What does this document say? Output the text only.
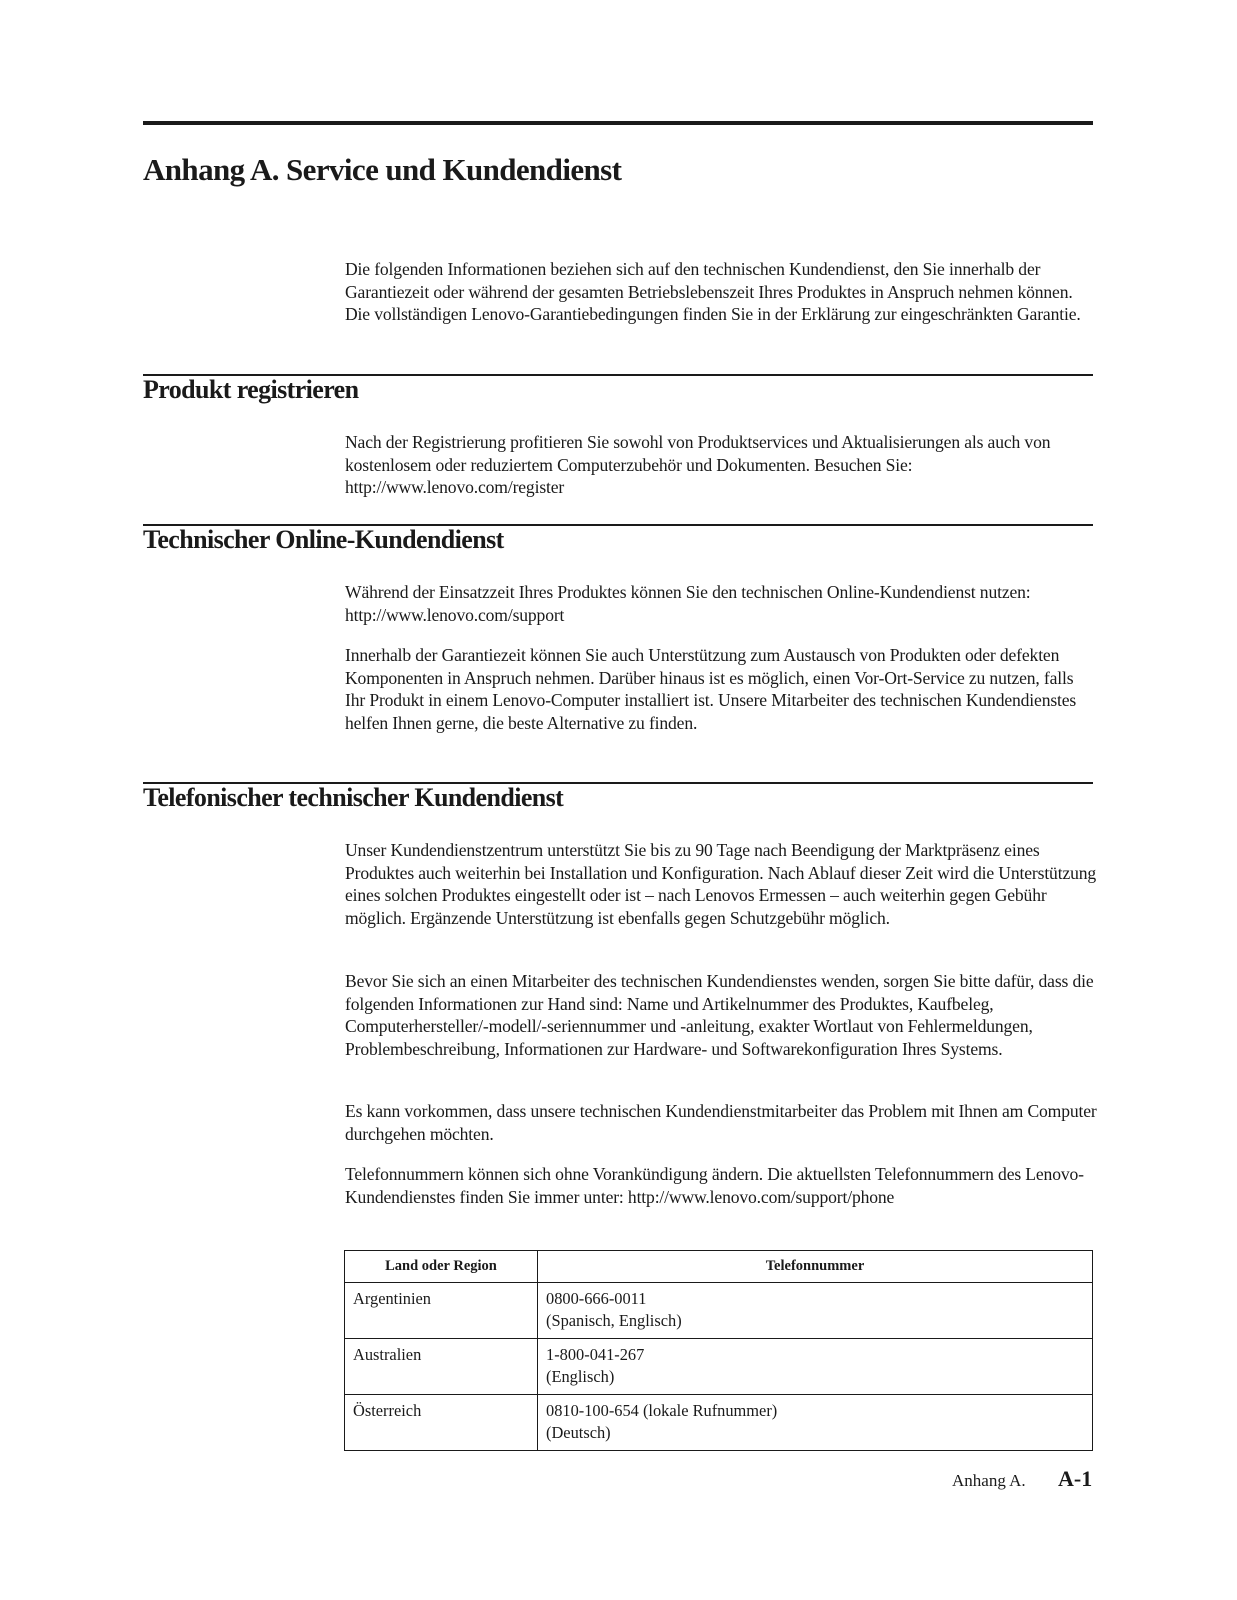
Anhang A. Service und Kundendienst

Die folgenden Informationen beziehen sich auf den technischen Kundendienst, den Sie innerhalb der Garantiezeit oder während der gesamten Betriebslebenszeit Ihres Produktes in Anspruch nehmen können. Die vollständigen Lenovo-Garantiebedingungen finden Sie in der Erklärung zur eingeschränkten Garantie.

Produkt registrieren

Nach der Registrierung profitieren Sie sowohl von Produktservices und Aktualisierungen als auch von kostenlosem oder reduziertem Computerzubehör und Dokumenten. Besuchen Sie: http://www.lenovo.com/register

Technischer Online-Kundendienst

Während der Einsatzzeit Ihres Produktes können Sie den technischen Online-Kundendienst nutzen: http://www.lenovo.com/support

Innerhalb der Garantiezeit können Sie auch Unterstützung zum Austausch von Produkten oder defekten Komponenten in Anspruch nehmen. Darüber hinaus ist es möglich, einen Vor-Ort-Service zu nutzen, falls Ihr Produkt in einem Lenovo-Computer installiert ist. Unsere Mitarbeiter des technischen Kundendienstes helfen Ihnen gerne, die beste Alternative zu finden.

Telefonischer technischer Kundendienst

Unser Kundendienstzentrum unterstützt Sie bis zu 90 Tage nach Beendigung der Marktpräsenz eines Produktes auch weiterhin bei Installation und Konfiguration. Nach Ablauf dieser Zeit wird die Unterstützung eines solchen Produktes eingestellt oder ist – nach Lenovos Ermessen – auch weiterhin gegen Gebühr möglich. Ergänzende Unterstützung ist ebenfalls gegen Schutzgebühr möglich.

Bevor Sie sich an einen Mitarbeiter des technischen Kundendienstes wenden, sorgen Sie bitte dafür, dass die folgenden Informationen zur Hand sind: Name und Artikelnummer des Produktes, Kaufbeleg, Computerhersteller/-modell/-seriennummer und -anleitung, exakter Wortlaut von Fehlermeldungen, Problembeschreibung, Informationen zur Hardware- und Softwarekonfiguration Ihres Systems.

Es kann vorkommen, dass unsere technischen Kundendienstmitarbeiter das Problem mit Ihnen am Computer durchgehen möchten.

Telefonnummern können sich ohne Vorankündigung ändern. Die aktuellsten Telefonnummern des Lenovo-Kundendienstes finden Sie immer unter: http://www.lenovo.com/support/phone

Land oder Region	Telefonnummer
Argentinien	0800-666-0011
(Spanisch, Englisch)

Australien	1-800-041-267
(Englisch)

Österreich	0810-100-654 (lokale Rufnummer)
(Deutsch)
Anhang A. A-1
